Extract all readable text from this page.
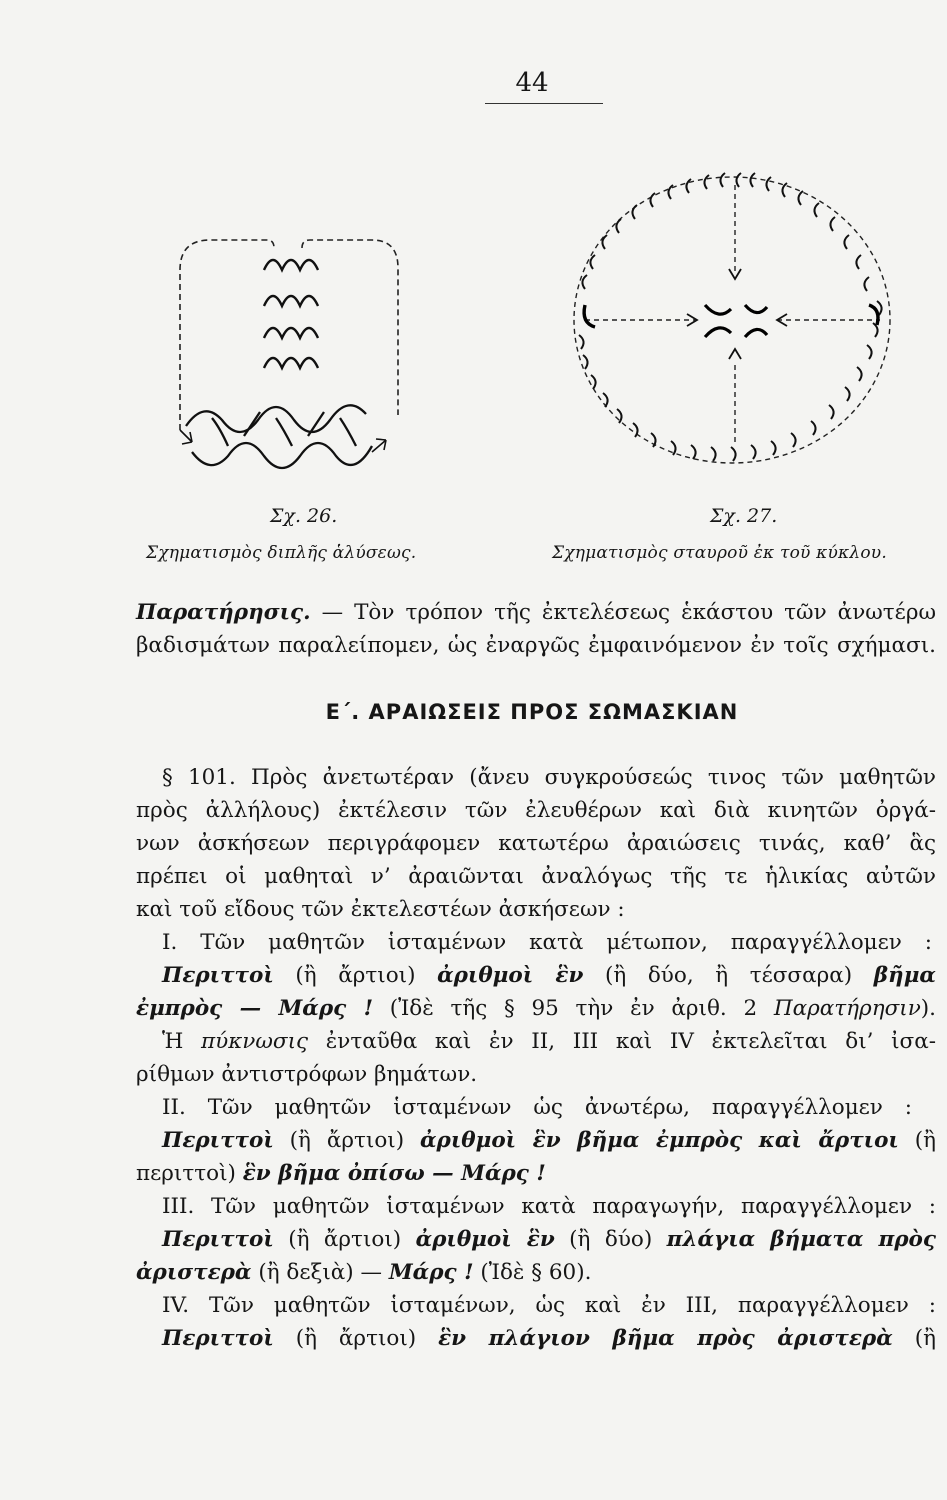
44
Σχ. 26.
Σχηματισμὸς διπλῆς ἁλύσεως.
Σχ. 27.
Σχηματισμὸς σταυροῦ ἐκ τοῦ κύκλου.
Παρατήρησις. — Τὸν τρόπον τῆς ἐκτελέσεως ἑκάστου τῶν ἀνωτέρω
βαδισμάτων παραλείπομεν, ὡς ἐναργῶς ἐμφαινόμενον ἐν τοῖς σχήμασι.
Ε΄. ΑΡΑΙΩΣΕΙΣ ΠΡΟΣ ΣΩΜΑΣΚΙΑΝ
§ 101. Πρὸς ἀνετωτέραν (ἄνευ συγκρούσεώς τινος τῶν μαθητῶν
πρὸς ἀλλήλους) ἐκτέλεσιν τῶν ἐλευθέρων καὶ διὰ κινητῶν ὀργά-
νων ἀσκήσεων περιγράφομεν κατωτέρω ἀραιώσεις τινάς, καθ’ ἃς
πρέπει οἱ μαθηταὶ ν’ ἀραιῶνται ἀναλόγως τῆς τε ἡλικίας αὐτῶν
καὶ τοῦ εἴδους τῶν ἐκτελεστέων ἀσκήσεων :
Ι. Τῶν μαθητῶν ἱσταμένων κατὰ μέτωπον, παραγγέλλομεν :
Περιττοὶ (ἢ ἄρτιοι) ἀριθμοὶ ἓν (ἢ δύο, ἢ τέσσαρα) βῆμα
ἐμπρὸς — Μάρς ! (Ἰδὲ τῆς § 95 τὴν ἐν ἀριθ. 2 Παρατήρησιν).
Ἡ πύκνωσις ἐνταῦθα καὶ ἐν II, III καὶ IV ἐκτελεῖται δι’ ἰσα-
ρίθμων ἀντιστρόφων βημάτων.
II. Τῶν μαθητῶν ἱσταμένων ὡς ἀνωτέρω, παραγγέλλομεν :
Περιττοὶ (ἢ ἄρτιοι) ἀριθμοὶ ἓν βῆμα ἐμπρὸς καὶ ἄρτιοι (ἢ
περιττοὶ) ἓν βῆμα ὀπίσω — Μάρς !
III. Τῶν μαθητῶν ἱσταμένων κατὰ παραγωγήν, παραγγέλλομεν :
Περιττοὶ (ἢ ἄρτιοι) ἀριθμοὶ ἓν (ἢ δύο) πλάγια βήματα πρὸς
ἀριστερὰ (ἢ δεξιὰ) — Μάρς ! (Ἰδὲ § 60).
IV. Τῶν μαθητῶν ἱσταμένων, ὡς καὶ ἐν III, παραγγέλλομεν :
Περιττοὶ (ἢ ἄρτιοι) ἓν πλάγιον βῆμα πρὸς ἀριστερὰ (ἢ
